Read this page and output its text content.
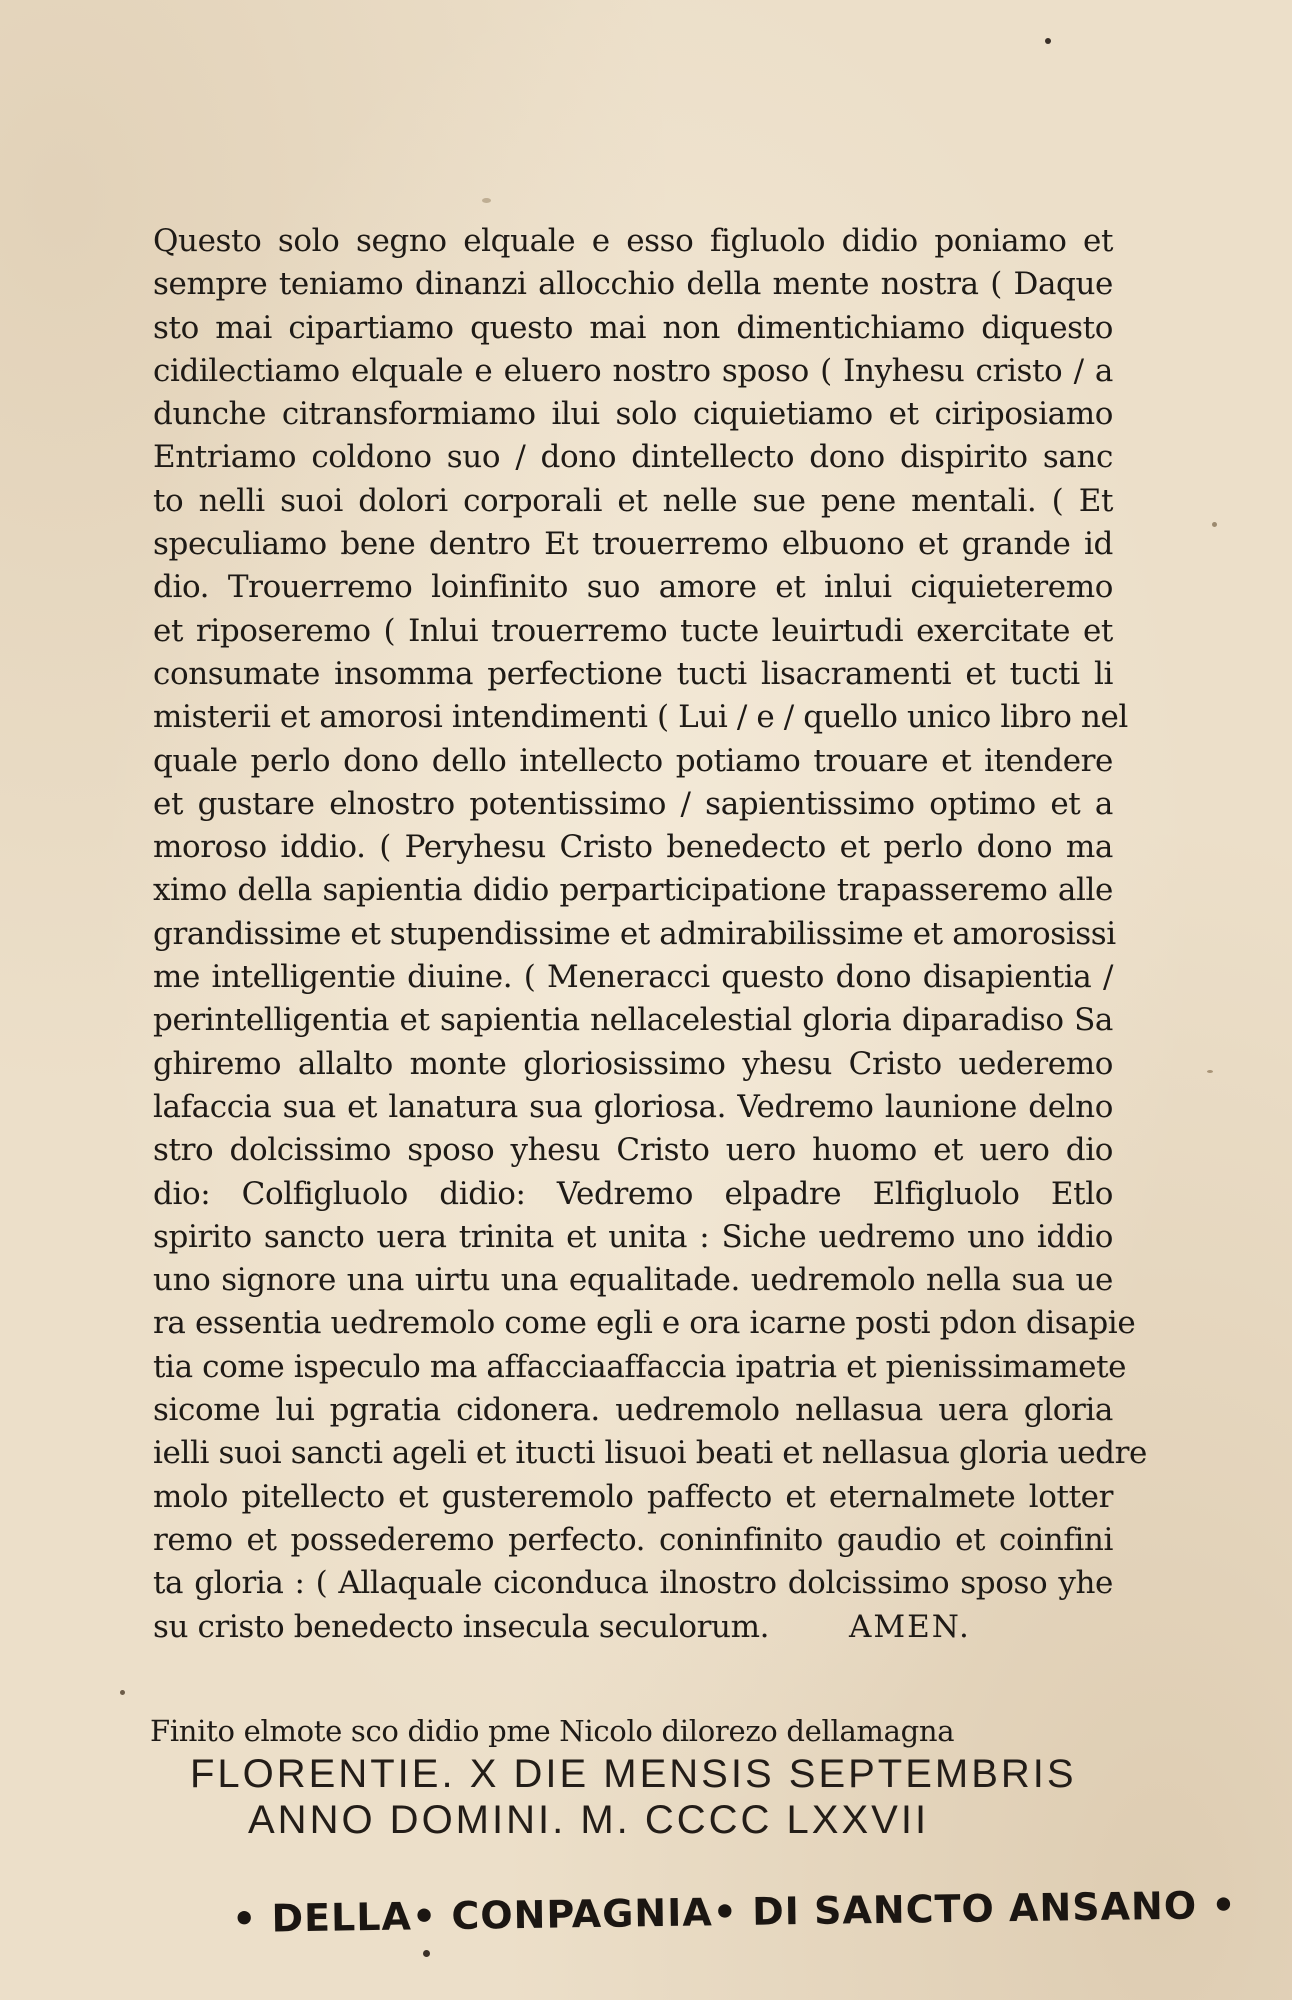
Questo solo segno elquale e esso figluolo didio poniamo et
sempre teniamo dinanzi allocchio della mente nostra ( Daque
sto mai cipartiamo questo mai non dimentichiamo diquesto
cidilectiamo elquale e eluero nostro sposo ( Inyhesu cristo / a
dunche citransformiamo ilui solo ciquietiamo et ciriposiamo
Entriamo coldono suo / dono dintellecto dono dispirito sanc
to nelli suoi dolori corporali et nelle sue pene mentali. ( Et
speculiamo bene dentro Et trouerremo elbuono et grande id
dio. Trouerremo loinfinito suo amore et inlui ciquieteremo
et riposeremo ( Inlui trouerremo tucte leuirtudi exercitate et
consumate insomma perfectione tucti lisacramenti et tucti li
misterii et amorosi intendimenti ( Lui / e / quello unico libro nel
quale perlo dono dello intellecto potiamo trouare et itendere
et gustare elnostro potentissimo / sapientissimo optimo et a
moroso iddio. ( Peryhesu Cristo benedecto et perlo dono ma
ximo della sapientia didio perparticipatione trapasseremo alle
grandissime et stupendissime et admirabilissime et amorosissi
me intelligentie diuine. ( Meneracci questo dono disapientia /
perintelligentia et sapientia nellacelestial gloria diparadiso Sa
ghiremo allalto monte gloriosissimo yhesu Cristo uederemo
lafaccia sua et lanatura sua gloriosa. Vedremo launione delno
stro dolcissimo sposo yhesu Cristo uero huomo et uero dio
dio: Colfigluolo didio: Vedremo elpadre Elfigluolo Etlo
spirito sancto uera trinita et unita : Siche uedremo uno iddio
uno signore una uirtu una equalitade. uedremolo nella sua ue
ra essentia uedremolo come egli e ora icarne posti pdon disapie
tia come ispeculo ma affacciaaffaccia ipatria et pienissimamete
sicome lui pgratia cidonera. uedremolo nellasua uera gloria
ielli suoi sancti ageli et itucti lisuoi beati et nellasua gloria uedre
molo pitellecto et gusteremolo paffecto et eternalmete lotter
remo et possederemo perfecto. coninfinito gaudio et coinfini
ta gloria : ( Allaquale ciconduca ilnostro dolcissimo sposo yhe
su cristo benedecto insecula seculorum.	AMEN.
Finito elmote sco didio pme Nicolo dilorezo dellamagna
FLORENTIE. X DIE MENSIS SEPTEMBRIS
ANNO DOMINI. M. CCCC LXXVII
• DELLA• CONPAGNIA• DI SANCTO ANSANO •
